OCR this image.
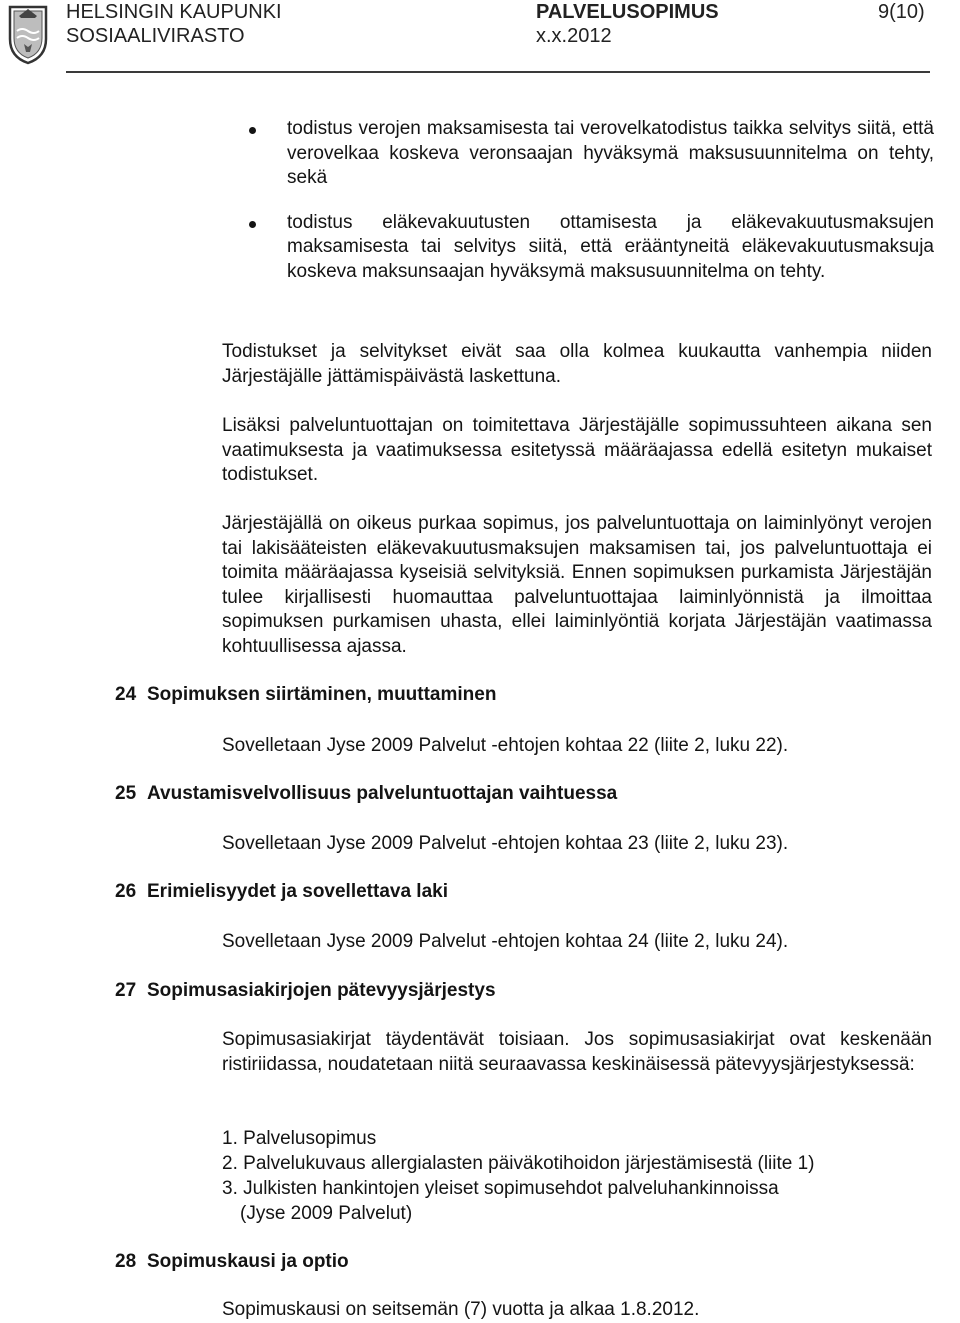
HELSINGIN KAUPUNKI
SOSIAALIVIRASTO
PALVELUSOPIMUS
x.x.2012
9(10)
todistus verojen maksamisesta tai verovelkatodistus taikka selvitys siitä, että verovelkaa koskeva veronsaajan hyväksymä maksusuunnitelma on tehty, sekä
todistus eläkevakuutusten ottamisesta ja eläkevakuutusmaksujen maksamisesta tai selvitys siitä, että erääntyneitä eläkevakuutusmaksuja koskeva maksunsaajan hyväksymä maksusuunnitelma on tehty.

Todistukset ja selvitykset eivät saa olla kolmea kuukautta vanhempia niiden Järjestäjälle jättämispäivästä laskettuna.

Lisäksi palveluntuottajan on toimitettava Järjestäjälle sopimussuhteen aikana sen vaatimuksesta ja vaatimuksessa esitetyssä määräajassa edellä esitetyn mukaiset todistukset.

Järjestäjällä on oikeus purkaa sopimus, jos palveluntuottaja on laiminlyönyt verojen tai lakisääteisten eläkevakuutusmaksujen maksamisen tai, jos palveluntuottaja ei toimita määräajassa kyseisiä selvityksiä. Ennen sopimuksen purkamista Järjestäjän tulee kirjallisesti huomauttaa palveluntuottajaa laiminlyönnistä ja ilmoittaa sopimuksen purkamisen uhasta, ellei laiminlyöntiä korjata Järjestäjän vaatimassa kohtuullisessa ajassa.

24 Sopimuksen siirtäminen, muuttaminen

Sovelletaan Jyse 2009 Palvelut -ehtojen kohtaa 22 (liite 2, luku 22).

25 Avustamisvelvollisuus palveluntuottajan vaihtuessa

Sovelletaan Jyse 2009 Palvelut -ehtojen kohtaa 23 (liite 2, luku 23).

26 Erimielisyydet ja sovellettava laki

Sovelletaan Jyse 2009 Palvelut -ehtojen kohtaa 24 (liite 2, luku 24).

27 Sopimusasiakirjojen pätevyysjärjestys

Sopimusasiakirjat täydentävät toisiaan. Jos sopimusasiakirjat ovat keskenään ristiriidassa, noudatetaan niitä seuraavassa keskinäisessä pätevyysjärjestyksessä:

1. Palvelusopimus
2. Palvelukuvaus allergialasten päiväkotihoidon järjestämisestä (liite 1)
3. Julkisten hankintojen yleiset sopimusehdot palveluhankinnoissa
(Jyse 2009 Palvelut)
28 Sopimuskausi ja optio

Sopimuskausi on seitsemän (7) vuotta ja alkaa 1.8.2012.
